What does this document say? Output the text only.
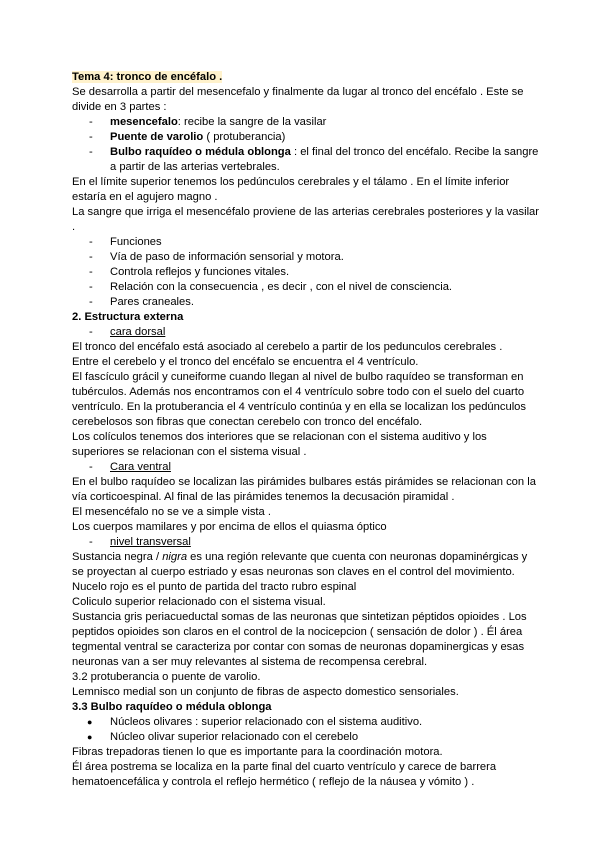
Tema 4: tronco de encéfalo .
Se desarrolla a partir del mesencefalo y finalmente da lugar al tronco del encéfalo . Este se divide en 3 partes :
- mesencefalo: recibe la sangre de la vasilar
- Puente de varolio ( protuberancia)
- Bulbo raquídeo o médula oblonga : el final del tronco del encéfalo. Recibe la sangre a partir de las arterias vertebrales.
En el límite superior tenemos los pedúnculos cerebrales y el tálamo . En el límite inferior estaría en el agujero magno .
La sangre que irriga el mesencéfalo proviene de las arterias cerebrales posteriores y la vasilar .
- Funciones
- Vía de paso de información sensorial y motora.
- Controla reflejos y funciones vitales.
- Relación con la consecuencia , es decir , con el nivel de consciencia.
- Pares craneales.
2. Estructura externa
- cara dorsal
El tronco del encéfalo está asociado al cerebelo a partir de los pedunculos cerebrales .
Entre el cerebelo y el tronco del encéfalo se encuentra el 4 ventrículo.
El fascículo grácil y cuneiforme cuando llegan al nivel de bulbo raquídeo se transforman en tubérculos. Además nos encontramos con el 4 ventrículo sobre todo con el suelo del cuarto ventrículo. En la protuberancia el 4 ventrículo continúa y en ella se localizan los pedúnculos cerebelosos son fibras que conectan cerebelo con tronco del encéfalo.
Los colículos tenemos dos interiores que se relacionan con el sistema auditivo y los superiores se relacionan con el sistema visual .
- Cara ventral
En el bulbo raquídeo se localizan las pirámides bulbares estás pirámides se relacionan con la vía corticoespinal. Al final de las pirámides tenemos la decusación piramidal .
El mesencéfalo no se ve a simple vista .
Los cuerpos mamilares y por encima de ellos el quiasma óptico
- nivel transversal
Sustancia negra / nigra es una región relevante que cuenta con neuronas dopaminérgicas y se proyectan al cuerpo estriado y esas neuronas son claves en el control del movimiento.
Nucelo rojo es el punto de partida del tracto rubro espinal
Coliculo superior relacionado con el sistema visual.
Sustancia gris periacueductal somas de las neuronas que sintetizan péptidos opioides . Los peptidos opioides son claros en el control de la nocicepcion ( sensación de dolor ) . Él área tegmental ventral se caracteriza por contar con somas de neuronas dopaminergicas y esas neuronas van a ser muy relevantes al sistema de recompensa cerebral.
3.2 protuberancia o puente de varolio.
Lemnisco medial son un conjunto de fibras de aspecto domestico sensoriales.
3.3 Bulbo raquídeo o médula oblonga
● Núcleos olivares : superior relacionado con el sistema auditivo.
● Núcleo olivar superior relacionado con el cerebelo
Fibras trepadoras tienen lo que es importante para la coordinación motora.
Él área postrema se localiza en la parte final del cuarto ventrículo y carece de barrera hematoencefálica y controla el reflejo hermético ( reflejo de la náusea y vómito ) .
